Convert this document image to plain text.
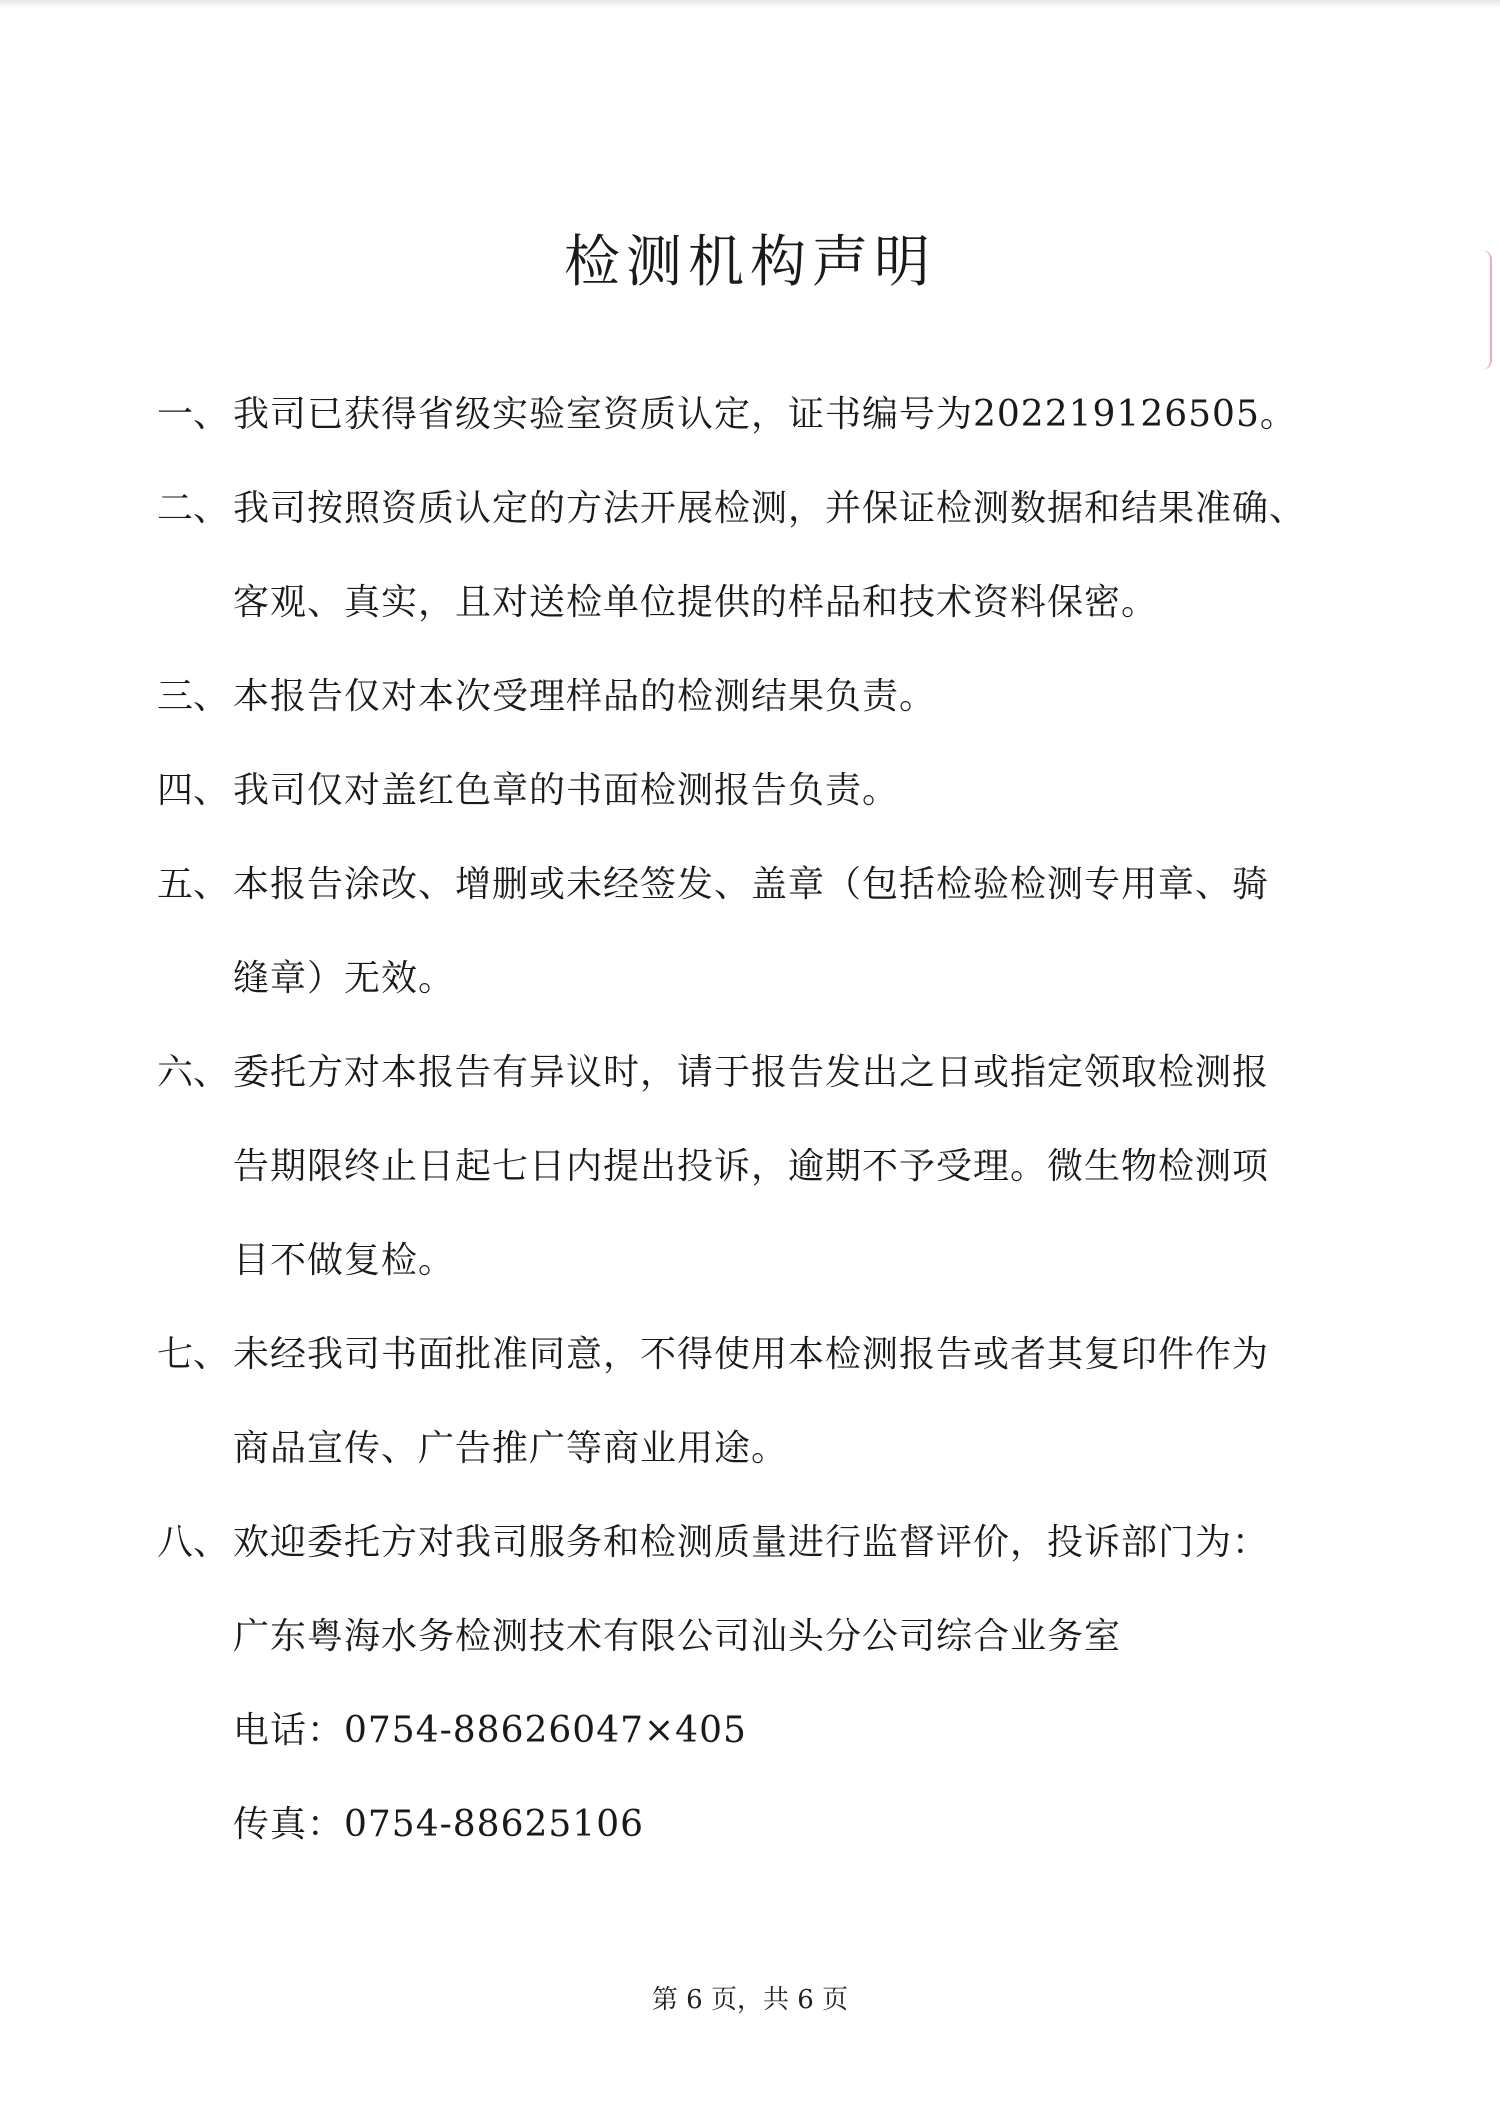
检测机构声明
一、 我司已获得省级实验室资质认定，证书编号为202219126505。
二、 我司按照资质认定的方法开展检测，并保证检测数据和结果准确、
客观、真实，且对送检单位提供的样品和技术资料保密。
三、 本报告仅对本次受理样品的检测结果负责。
四、 我司仅对盖红色章的书面检测报告负责。
五、 本报告涂改、增删或未经签发、盖章（包括检验检测专用章、骑
缝章）无效。
六、 委托方对本报告有异议时，请于报告发出之日或指定领取检测报
告期限终止日起七日内提出投诉，逾期不予受理。微生物检测项
目不做复检。
七、 未经我司书面批准同意，不得使用本检测报告或者其复印件作为
商品宣传、广告推广等商业用途。
八、 欢迎委托方对我司服务和检测质量进行监督评价，投诉部门为：
广东粤海水务检测技术有限公司汕头分公司综合业务室
电话：0754-88626047×405
传真：0754-88625106
第 6 页，共 6 页
